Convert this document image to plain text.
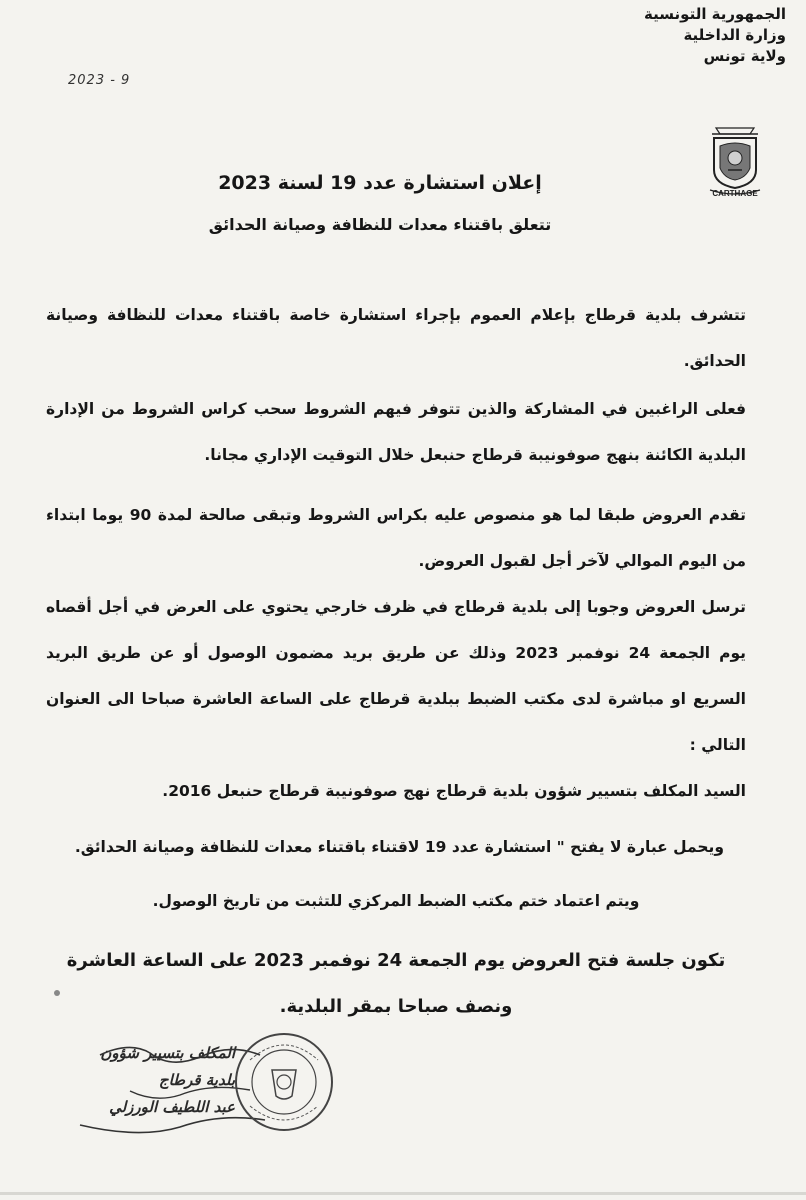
الجمهورية التونسية
وزارة الداخلية
ولاية تونس
2023 - 9
CARTHAGE
إعلان استشارة عدد 19 لسنة 2023
تتعلق باقتناء معدات للنظافة وصيانة الحدائق
تتشرف بلدية قرطاج بإعلام العموم بإجراء استشارة خاصة باقتناء معدات للنظافة وصيانة الحدائق.
فعلى الراغبين في المشاركة والذين تتوفر فيهم الشروط سحب كراس الشروط من الإدارة البلدية الكائنة بنهج صوفونيبة قرطاج حنبعل خلال التوقيت الإداري مجانا.
تقدم العروض طبقا لما هو منصوص عليه بكراس الشروط وتبقى صالحة لمدة 90 يوما ابتداء من اليوم الموالي لآخر أجل لقبول العروض.
ترسل العروض وجوبا إلى بلدية قرطاج في ظرف خارجي يحتوي على العرض في أجل أقصاه يوم الجمعة 24 نوفمبر 2023 وذلك عن طريق بريد مضمون الوصول أو عن طريق البريد السريع او مباشرة لدى مكتب الضبط ببلدية قرطاج على الساعة العاشرة صباحا الى العنوان التالي :
السيد المكلف بتسيير شؤون بلدية قرطاج نهج صوفونيبة قرطاج حنبعل 2016.
ويحمل عبارة لا يفتح " استشارة عدد 19 لاقتناء باقتناء معدات للنظافة وصيانة الحدائق.
ويتم اعتماد ختم مكتب الضبط المركزي للتثبت من تاريخ الوصول.
تكون جلسة فتح العروض يوم الجمعة 24 نوفمبر 2023 على الساعة العاشرة ونصف صباحا بمقر البلدية.
المكلف بتسيير شؤون
بلدية قرطاج
عبد اللطيف الورزلي
